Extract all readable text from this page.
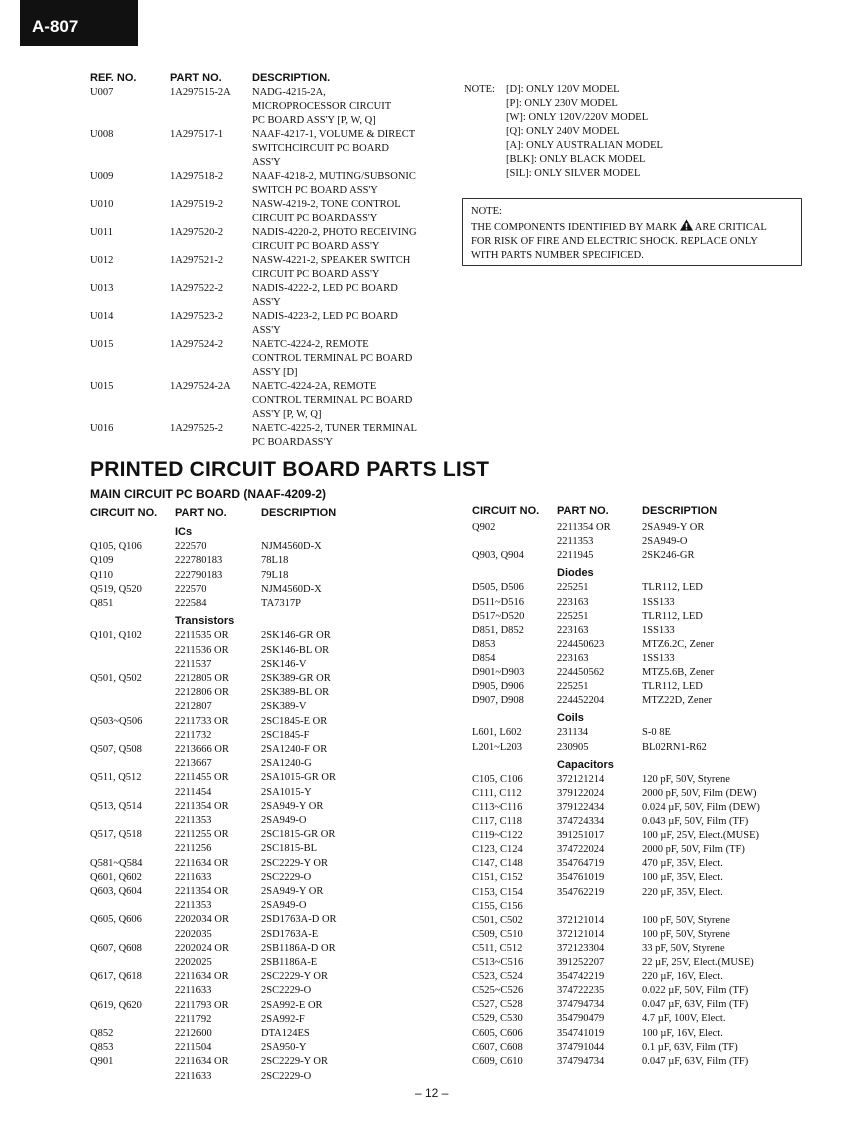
A-807
REF. NO.	PART NO.	DESCRIPTION.
U007	1A297515-2A NADG-4215-2A,
MICROPROCESSOR CIRCUIT
PC BOARD ASS'Y [P, W, Q]
U008	1A297517-1	NAAF-4217-1, VOLUME & DIRECT
SWITCHCIRCUIT PC BOARD
ASS'Y
U009	1A297518-2	NAAF-4218-2, MUTING/SUBSONIC
SWITCH PC BOARD ASS'Y
U010	1A297519-2	NASW-4219-2, TONE CONTROL
CIRCUIT PC BOARDASS'Y
U011	1A297520-2	NADIS-4220-2, PHOTO RECEIVING
CIRCUIT PC BOARD ASS'Y
U012	1A297521-2	NASW-4221-2, SPEAKER SWITCH
CIRCUIT PC BOARD ASS'Y
U013	1A297522-2	NADIS-4222-2, LED PC BOARD
ASS'Y
U014	1A297523-2	NADIS-4223-2, LED PC BOARD
ASS'Y
U015	1A297524-2	NAETC-4224-2, REMOTE
CONTROL TERMINAL PC BOARD
ASS'Y [D]
U015	1A297524-2A NAETC-4224-2A, REMOTE
CONTROL TERMINAL PC BOARD
ASS'Y [P, W, Q]
U016	1A297525-2	NAETC-4225-2, TUNER TERMINAL
PC BOARDASS'Y
NOTE: [D]: ONLY 120V MODEL
[P]: ONLY 230V MODEL
[W]: ONLY 120V/220V MODEL
[Q]: ONLY 240V MODEL
[A]: ONLY AUSTRALIAN MODEL
[BLK]: ONLY BLACK MODEL
[SIL]: ONLY SILVER MODEL
NOTE:
THE COMPONENTS IDENTIFIED BY MARK ARE CRITICAL
FOR RISK OF FIRE AND ELECTRIC SHOCK. REPLACE ONLY
WITH PARTS NUMBER SPECIFICED.
PRINTED CIRCUIT BOARD PARTS LIST
MAIN CIRCUIT PC BOARD (NAAF-4209-2)
CIRCUIT NO. PART NO.	DESCRIPTION	CIRCUIT NO. PART NO.	DESCRIPTION
ICs
Q105, Q106	222570	NJM4560D-X
Q109	222780183	78L18
Q110	222790183	79L18
Q519, Q520	222570	NJM4560D-X
Q851	222584	TA7317P
Transistors
Q101, Q102	2211535 OR	2SK146-GR OR
2211536 OR	2SK146-BL OR
2211537	2SK146-V
Q501, Q502	2212805 OR	2SK389-GR OR
2212806 OR	2SK389-BL OR
2212807	2SK389-V
Q503~Q506	2211733 OR	2SC1845-E OR
2211732	2SC1845-F
Q507, Q508	2213666 OR	2SA1240-F OR
2213667	2SA1240-G
Q511, Q512	2211455 OR	2SA1015-GR OR
2211454	2SA1015-Y
Q513, Q514	2211354 OR	2SA949-Y OR
2211353	2SA949-O
Q517, Q518	2211255 OR	2SC1815-GR OR
2211256	2SC1815-BL
Q581~Q584	2211634 OR	2SC2229-Y OR
Q601, Q602	2211633	2SC2229-O
Q603, Q604	2211354 OR	2SA949-Y OR
2211353	2SA949-O
Q605, Q606	2202034 OR	2SD1763A-D OR
2202035	2SD1763A-E
Q607, Q608	2202024 OR	2SB1186A-D OR
2202025	2SB1186A-E
Q617, Q618	2211634 OR	2SC2229-Y OR
2211633	2SC2229-O
Q619, Q620	2211793 OR	2SA992-E OR
2211792	2SA992-F
Q852	2212600	DTA124ES
Q853	2211504	2SA950-Y
Q901	2211634 OR	2SC2229-Y OR
2211633	2SC2229-O
Q902	2211354 OR	2SA949-Y OR
2211353	2SA949-O
Q903, Q904	2211945	2SK246-GR
Diodes
D505, D506	225251	TLR112, LED
D511~D516	223163	1SS133
D517~D520	225251	TLR112, LED
D851, D852	223163	1SS133
D853	224450623	MTZ6.2C, Zener
D854	223163	1SS133
D901~D903	224450562	MTZ5.6B, Zener
D905, D906	225251	TLR112, LED
D907, D908	224452204	MTZ22D, Zener
Coils
L601, L602	231134	S-0 8E
L201~L203	230905	BL02RN1-R62
Capacitors
C105, C106	372121214	120 pF, 50V, Styrene
C111, C112	379122024	2000 pF, 50V, Film (DEW)
C113~C116	379122434	0.024 µF, 50V, Film (DEW)
C117, C118	374724334	0.043 µF, 50V, Film (TF)
C119~C122	391251017	100 µF, 25V, Elect.(MUSE)
C123, C124	374722024	2000 pF, 50V, Film (TF)
C147, C148	354764719	470 µF, 35V, Elect.
C151, C152	354761019	100 µF, 35V, Elect.
C153, C154	354762219	220 µF, 35V, Elect.
C155, C156
C501, C502	372121014	100 pF, 50V, Styrene
C509, C510	372121014	100 pF, 50V, Styrene
C511, C512	372123304	33 pF, 50V, Styrene
C513~C516	391252207	22 µF, 25V, Elect.(MUSE)
C523, C524	354742219	220 µF, 16V, Elect.
C525~C526	374722235	0.022 µF, 50V, Film (TF)
C527, C528	374794734	0.047 µF, 63V, Film (TF)
C529, C530	354790479	4.7 µF, 100V, Elect.
C605, C606	354741019	100 µF, 16V, Elect.
C607, C608	374791044	0.1 µF, 63V, Film (TF)
C609, C610	374794734	0.047 µF, 63V, Film (TF)
– 12 –
